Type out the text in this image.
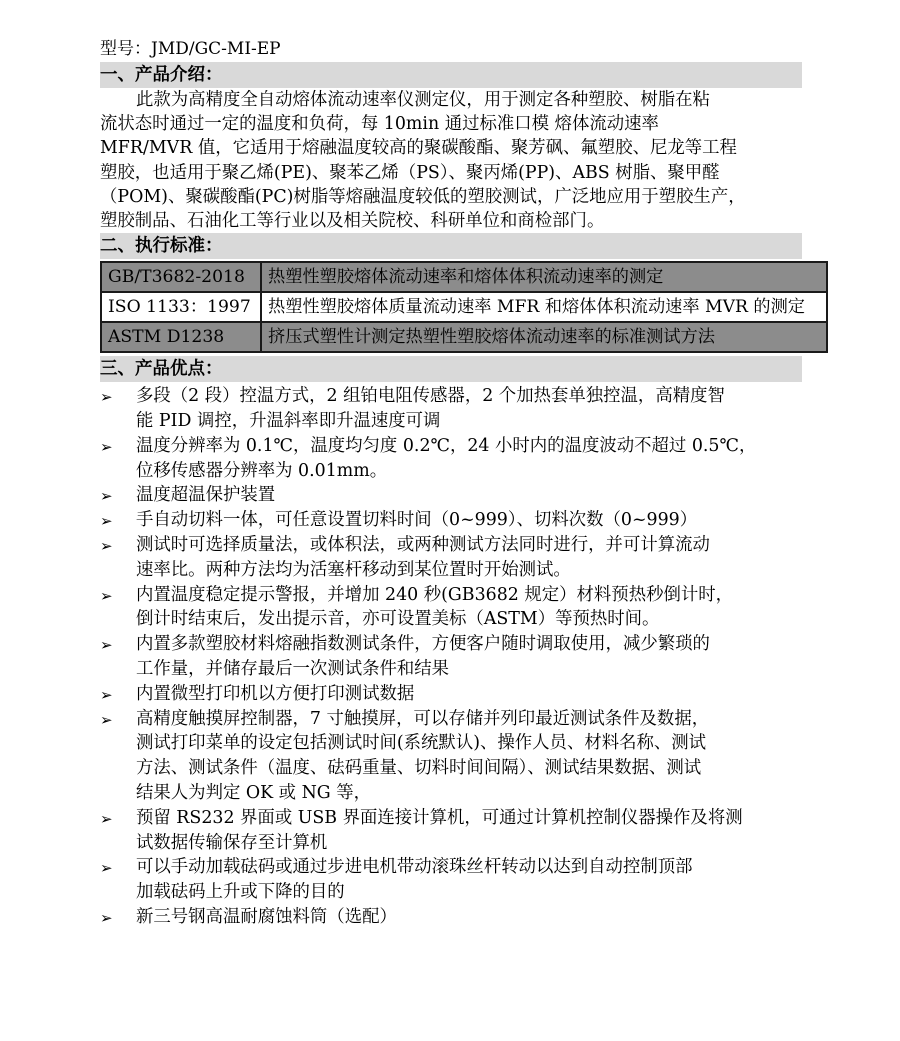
型号：JMD/GC-MI-EP
一、产品介绍：

此款为高精度全自动熔体流动速率仪测定仪，用于测定各种塑胶、树脂在粘

流状态时通过一定的温度和负荷，每 10min 通过标准口模 熔体流动速率

MFR/MVR 值，它适用于熔融温度较高的聚碳酸酯、聚芳砜、氟塑胶、尼龙等工程

塑胶，也适用于聚乙烯(PE)、聚苯乙烯（PS）、聚丙烯(PP)、ABS 树脂、聚甲醛

（POM)、聚碳酸酯(PC)树脂等熔融温度较低的塑胶测试，广泛地应用于塑胶生产，

塑胶制品、石油化工等行业以及相关院校、科研单位和商检部门。

二、执行标准：
GB/T3682-2018	热塑性塑胶熔体流动速率和熔体体积流动速率的测定
ISO 1133：1997	热塑性塑胶熔体质量流动速率 MFR 和熔体体积流动速率 MVR 的测定
ASTM D1238	挤压式塑性计测定热塑性塑胶熔体流动速率的标准测试方法
三、产品优点：
➢ 多段（2 段）控温方式，2 组铂电阻传感器，2 个加热套单独控温，高精度智
能 PID 调控，升温斜率即升温速度可调
➢ 温度分辨率为 0.1℃，温度均匀度 0.2℃，24 小时内的温度波动不超过 0.5℃，
位移传感器分辨率为 0.01mm。
➢ 温度超温保护装置
➢ 手自动切料一体，可任意设置切料时间（0~999）、切料次数（0~999）
➢ 测试时可选择质量法，或体积法，或两种测试方法同时进行，并可计算流动
速率比。两种方法均为活塞杆移动到某位置时开始测试。
➢ 内置温度稳定提示警报，并增加 240 秒(GB3682 规定）材料预热秒倒计时，
倒计时结束后，发出提示音，亦可设置美标（ASTM）等预热时间。
➢ 内置多款塑胶材料熔融指数测试条件，方便客户随时调取使用，减少繁琐的
工作量，并储存最后一次测试条件和结果
➢ 内置微型打印机以方便打印测试数据
➢ 高精度触摸屏控制器，7 寸触摸屏，可以存储并列印最近测试条件及数据，
测试打印菜单的设定包括测试时间(系统默认)、操作人员、材料名称、测试
方法、测试条件（温度、砝码重量、切料时间间隔）、测试结果数据、测试
结果人为判定 OK 或 NG 等，
➢ 预留 RS232 界面或 USB 界面连接计算机，可通过计算机控制仪器操作及将测
试数据传输保存至计算机
➢ 可以手动加载砝码或通过步进电机带动滚珠丝杆转动以达到自动控制顶部
加载砝码上升或下降的目的
➢ 新三号钢高温耐腐蚀料筒（选配）
